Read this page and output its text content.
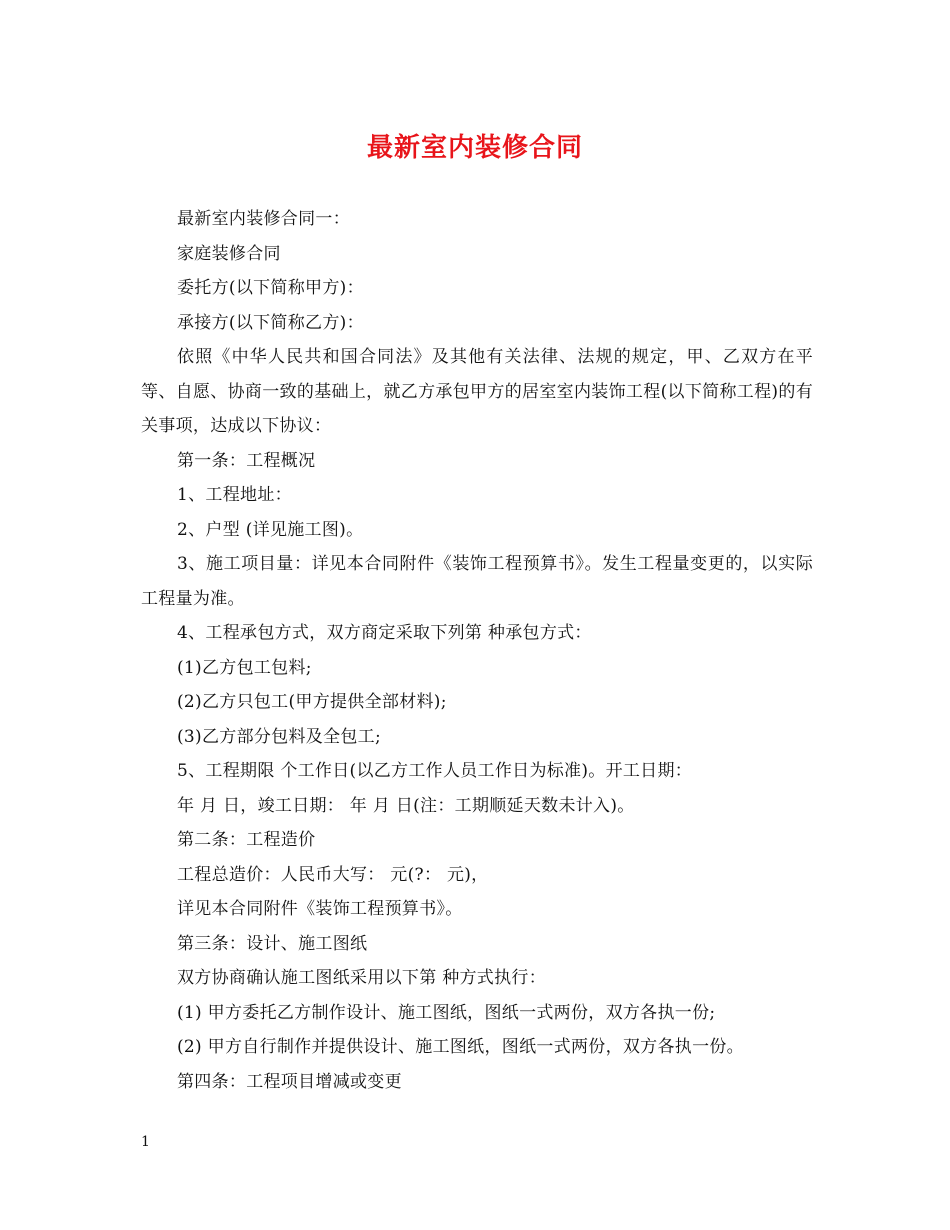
最新室内装修合同

最新室内装修合同一：

家庭装修合同

委托方(以下简称甲方)：

承接方(以下简称乙方)：

依照《中华人民共和国合同法》及其他有关法律、法规的规定，甲、乙双方在平等、自愿、协商一致的基础上，就乙方承包甲方的居室室内装饰工程(以下简称工程)的有关事项，达成以下协议：

第一条：工程概况

1、工程地址：

2、户型 (详见施工图)。

3、施工项目量：详见本合同附件《装饰工程预算书》。发生工程量变更的，以实际工程量为准。

4、工程承包方式，双方商定采取下列第 种承包方式：

(1)乙方包工包料;

(2)乙方只包工(甲方提供全部材料);

(3)乙方部分包料及全包工;

5、工程期限 个工作日(以乙方工作人员工作日为标准)。开工日期：

年 月 日，竣工日期： 年 月 日(注：工期顺延天数未计入)。

第二条：工程造价

工程总造价：人民币大写： 元(?： 元)，

详见本合同附件《装饰工程预算书》。

第三条：设计、施工图纸

双方协商确认施工图纸采用以下第 种方式执行：

(1) 甲方委托乙方制作设计、施工图纸，图纸一式两份，双方各执一份;

(2) 甲方自行制作并提供设计、施工图纸，图纸一式两份，双方各执一份。

第四条：工程项目增减或变更

1
